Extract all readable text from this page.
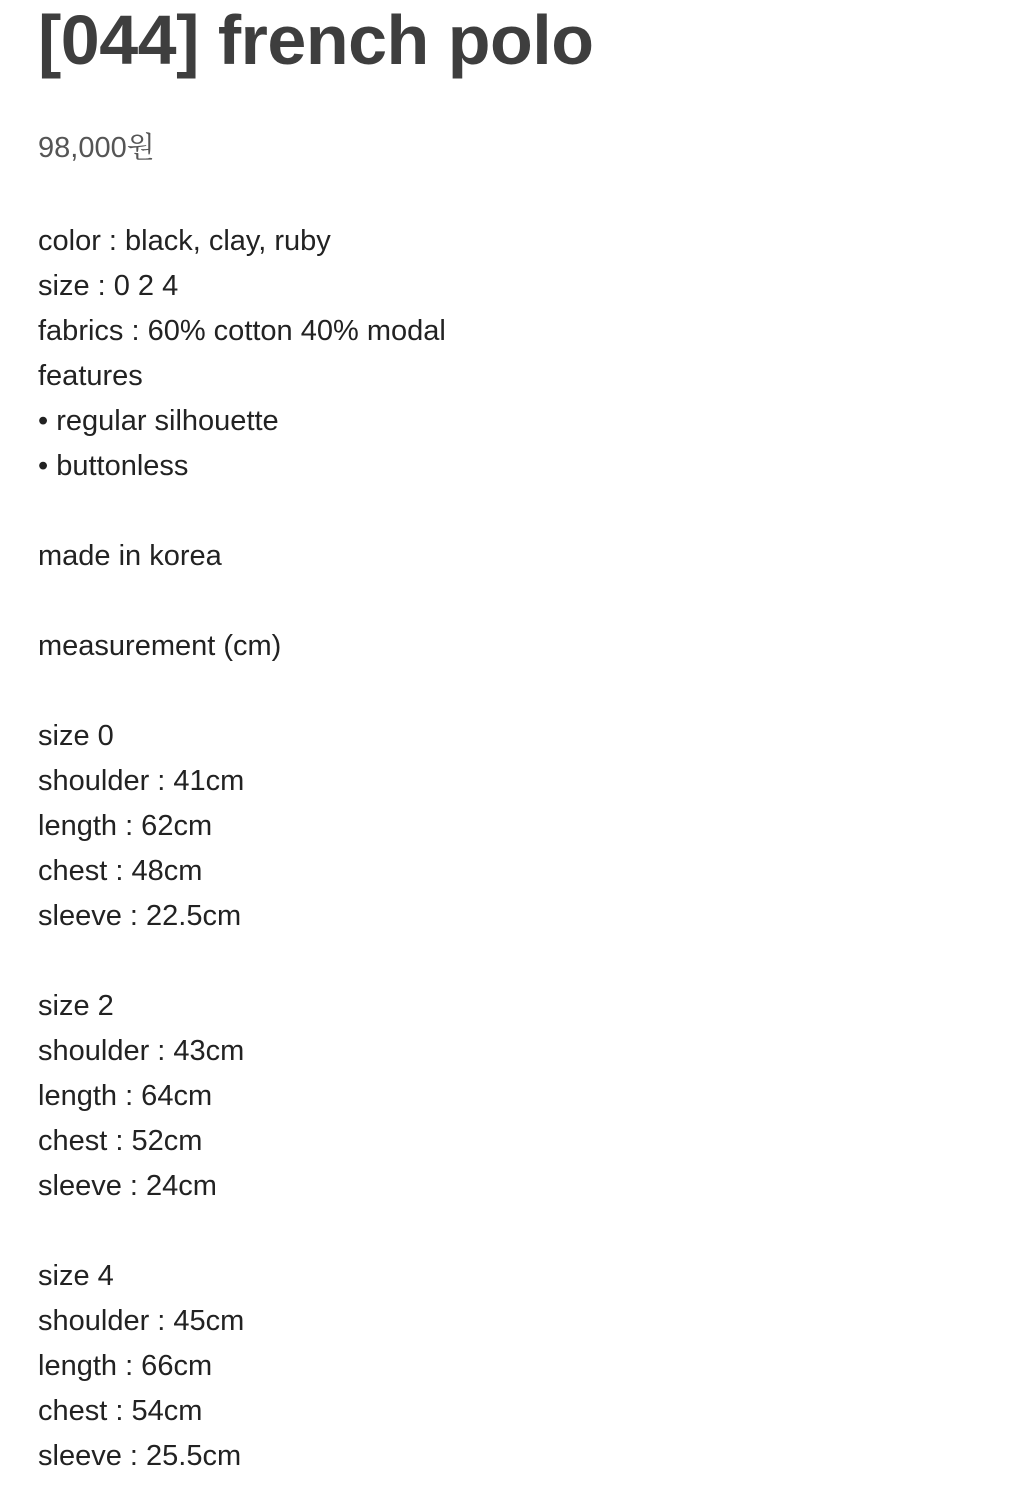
[044] french polo
98,000원
color : black, clay, ruby
size : 0 2 4
fabrics : 60% cotton 40% modal
features
• regular silhouette
• buttonless
made in korea
measurement (cm)
size 0
shoulder : 41cm
length : 62cm
chest : 48cm
sleeve : 22.5cm
size 2
shoulder : 43cm
length : 64cm
chest : 52cm
sleeve : 24cm
size 4
shoulder : 45cm
length : 66cm
chest : 54cm
sleeve : 25.5cm
